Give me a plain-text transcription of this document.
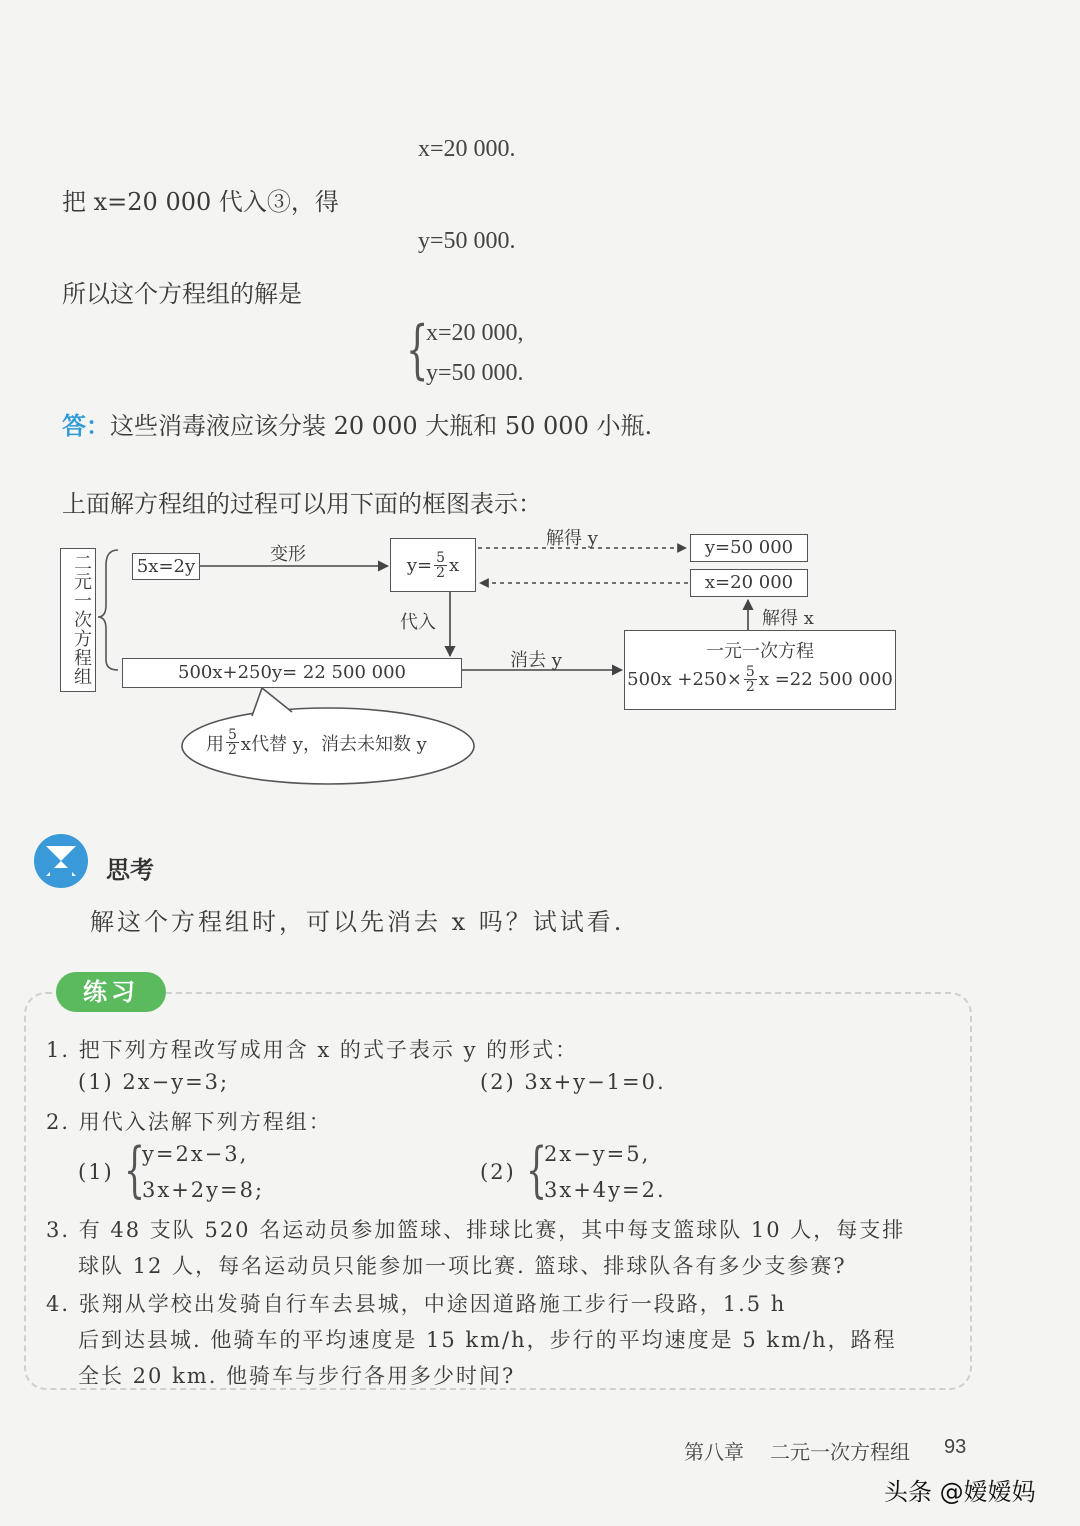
x=20 000.
把 x=20 000 代入③，得
y=50 000.
所以这个方程组的解是
{
x=20 000,
y=50 000.
答：这些消毒液应该分装 20 000 大瓶和 50 000 小瓶.
上面解方程组的过程可以用下面的框图表示：
二元一次方程组	5x=2y
变形	$y= \frac{5}{2}$ x
解得 y	y=50 000
x=20 000
代入	解得 x
500x+250y= 22 500 000
消去 y	一元一次方程
$500x +250\times \frac{5}{2}$ x =22 500 000
用 $\frac{5}{2}$ x代替 y，消去未知数 y
思考
解这个方程组时，可以先消去 x 吗？试试看.
练习
1. 把下列方程改写成用含 x 的式子表示 y 的形式：
(1) 2x−y=3;	(2) 3x+y−1=0.
2. 用代入法解下列方程组：
(1) {
y=2x−3,
3x+2y=8;
(2) {
2x−y=5,
3x+4y=2.
3. 有 48 支队 520 名运动员参加篮球、排球比赛，其中每支篮球队 10 人，每支排
球队 12 人，每名运动员只能参加一项比赛. 篮球、排球队各有多少支参赛?
4. 张翔从学校出发骑自行车去县城，中途因道路施工步行一段路，1.5 h
后到达县城. 他骑车的平均速度是 15 km/h，步行的平均速度是 5 km/h，路程
全长 20 km. 他骑车与步行各用多少时间?
第八章 二元一次方程组 93
头条 @嫒嫒妈
